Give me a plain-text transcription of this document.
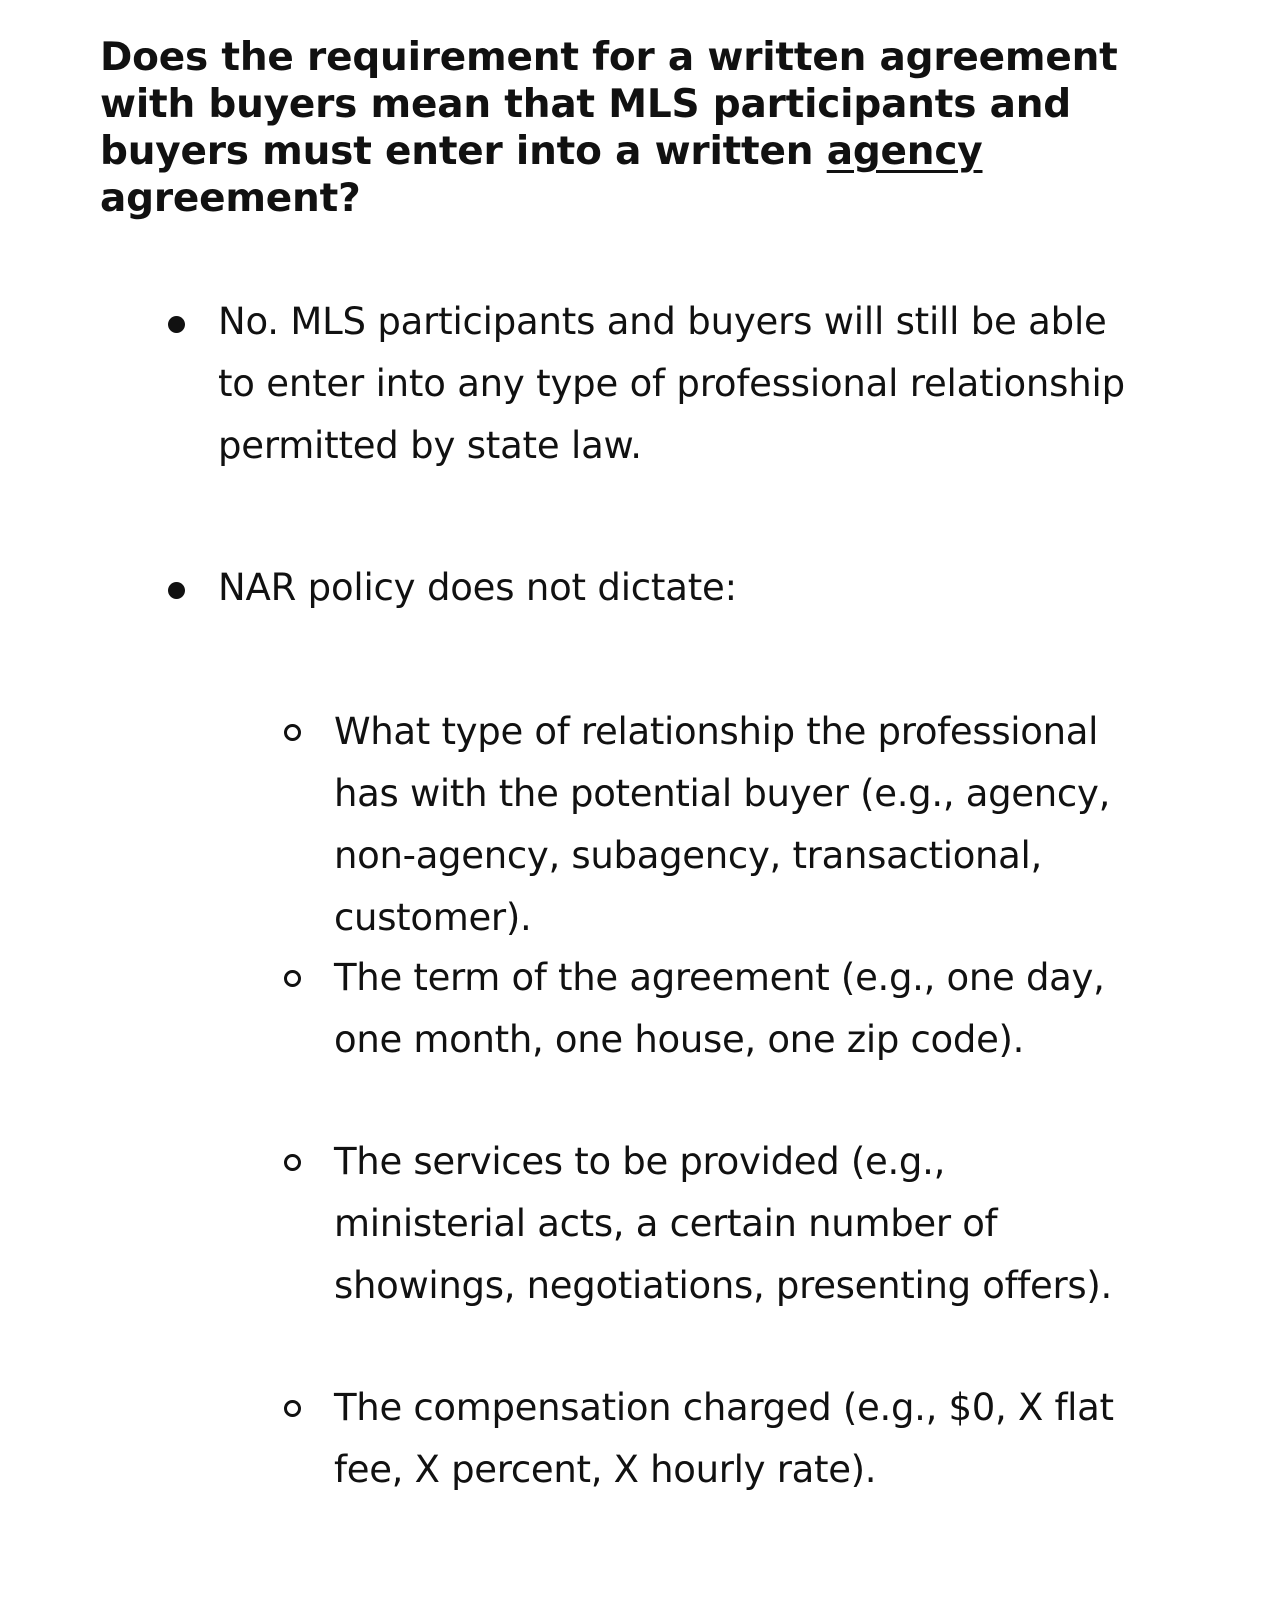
Does the requirement for a written agreement with buyers mean that MLS participants and buyers must enter into a written agency agreement?
No. MLS participants and buyers will still be able to enter into any type of professional relationship permitted by state law.
NAR policy does not dictate:
What type of relationship the professional has with the potential buyer (e.g., agency, non-agency, subagency, transactional, customer).
The term of the agreement (e.g., one day, one month, one house, one zip code).
The services to be provided (e.g., ministerial acts, a certain number of showings, negotiations, presenting offers).
The compensation charged (e.g., $0, X flat fee, X percent, X hourly rate).
